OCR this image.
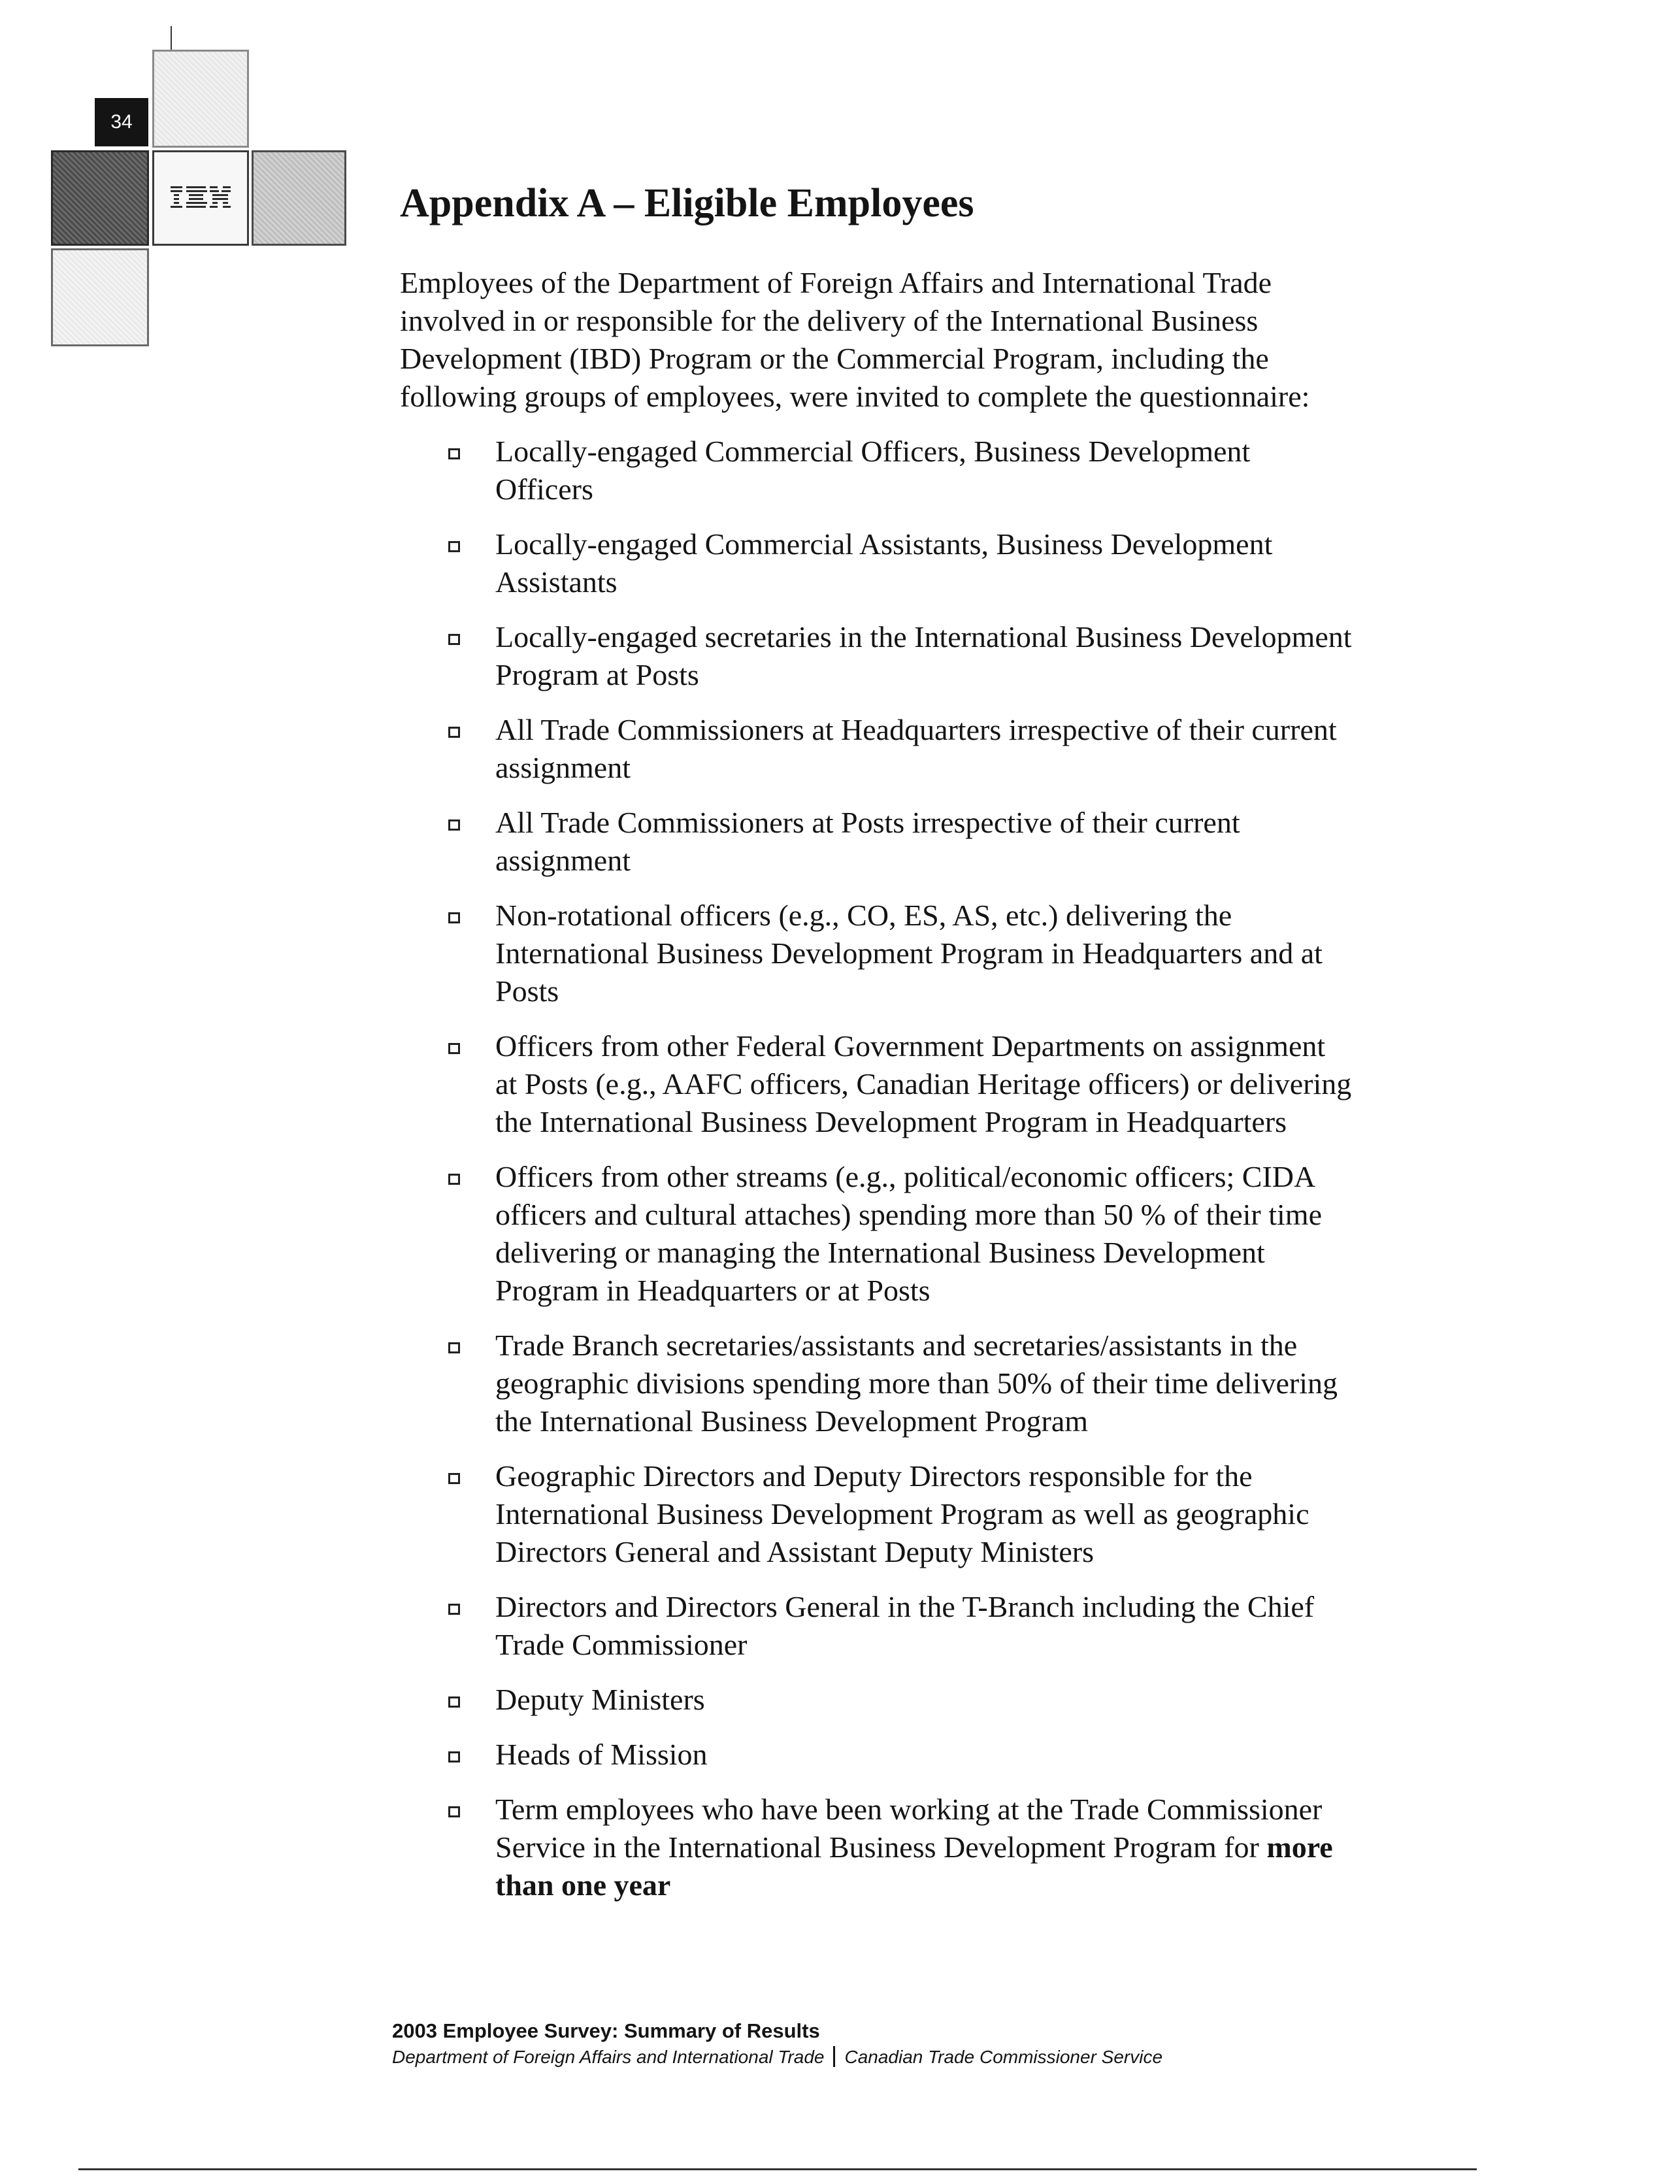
34
Appendix A – Eligible Employees

Employees of the Department of Foreign Affairs and International Trade
involved in or responsible for the delivery of the International Business
Development (IBD) Program or the Commercial Program, including the
following groups of employees, were invited to complete the questionnaire:

Locally-engaged Commercial Officers, Business Development
Officers
Locally-engaged Commercial Assistants, Business Development
Assistants
Locally-engaged secretaries in the International Business Development
Program at Posts
All Trade Commissioners at Headquarters irrespective of their current
assignment
All Trade Commissioners at Posts irrespective of their current
assignment
Non-rotational officers (e.g., CO, ES, AS, etc.) delivering the
International Business Development Program in Headquarters and at
Posts
Officers from other Federal Government Departments on assignment
at Posts (e.g., AAFC officers, Canadian Heritage officers) or delivering
the International Business Development Program in Headquarters
Officers from other streams (e.g., political/economic officers; CIDA
officers and cultural attaches) spending more than 50 % of their time
delivering or managing the International Business Development
Program in Headquarters or at Posts
Trade Branch secretaries/assistants and secretaries/assistants in the
geographic divisions spending more than 50% of their time delivering
the International Business Development Program
Geographic Directors and Deputy Directors responsible for the
International Business Development Program as well as geographic
Directors General and Assistant Deputy Ministers
Directors and Directors General in the T-Branch including the Chief
Trade Commissioner
Deputy Ministers
Heads of Mission
Term employees who have been working at the Trade Commissioner
Service in the International Business Development Program for more
than one year
2003 Employee Survey: Summary of Results
Department of Foreign Affairs and International Trade Canadian Trade Commissioner Service
